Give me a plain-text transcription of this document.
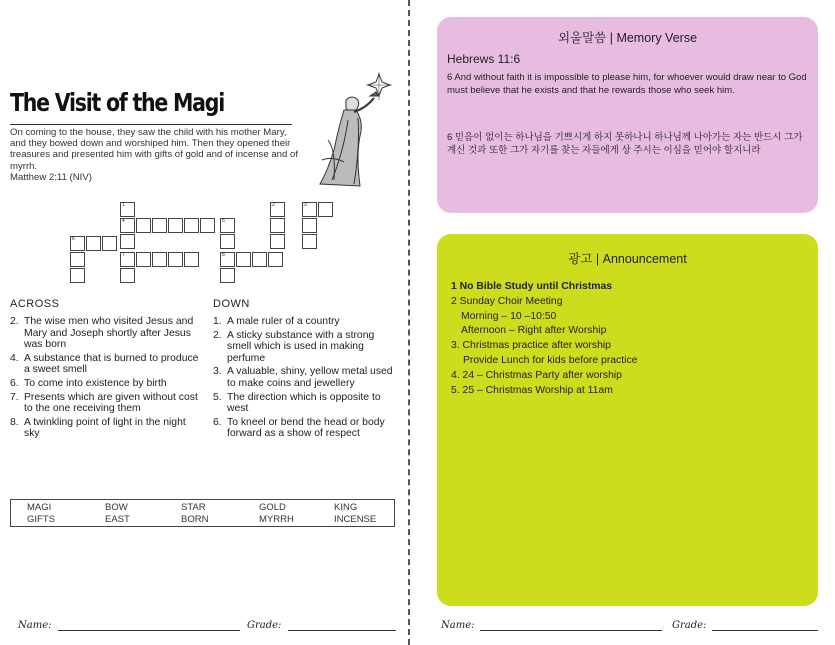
The Visit of the Magi
On coming to the house, they saw the child with his mother Mary, and they bowed down and worshiped him. Then they opened their treasures and presented him with gifts of gold and of incense and of myrrh.
Matthew 2:11 (NIV)
1
4	5
6
7	8
2	3
ACROSS	DOWN
2. The wise men who visited Jesus and Mary and Joseph shortly after Jesus was born
4. A substance that is burned to produce a sweet smell
6. To come into existence by birth
7. Presents which are given without cost to the one receiving them
8. A twinkling point of light in the night sky
1. A male ruler of a country
2. A sticky substance with a strong smell which is used in making perfume
3. A valuable, shiny, yellow metal used to make coins and jewellery
5. The direction which is opposite to west
6. To kneel or bend the head or body forward as a show of respect
MAGI	BOW	STAR	GOLD	KING
GIFTS	EAST	BORN	MYRRH	INCENSE
Name:	Grade:
외울말씀 | Memory Verse
Hebrews 11:6
6 And without faith it is impossible to please him, for whoever would draw near to God must believe that he exists and that he rewards those who seek him.
6 믿음이 없이는 하나님을 기쁘시게 하지 못하나니 하나님께 나아가는 자는 반드시 그가 계신 것과 또한 그가 자기를 찾는 자들에게 상 주시는 이심을 믿어야 할지니라
광고 | Announcement
1 No Bible Study until Christmas
2 Sunday Choir Meeting
Morning – 10 –10:50
Afternoon – Right after Worship
3. Christmas practice after worship
Provide Lunch for kids before practice
4. 24 – Christmas Party after worship
5. 25 – Christmas Worship at 11am
Name:	Grade:
